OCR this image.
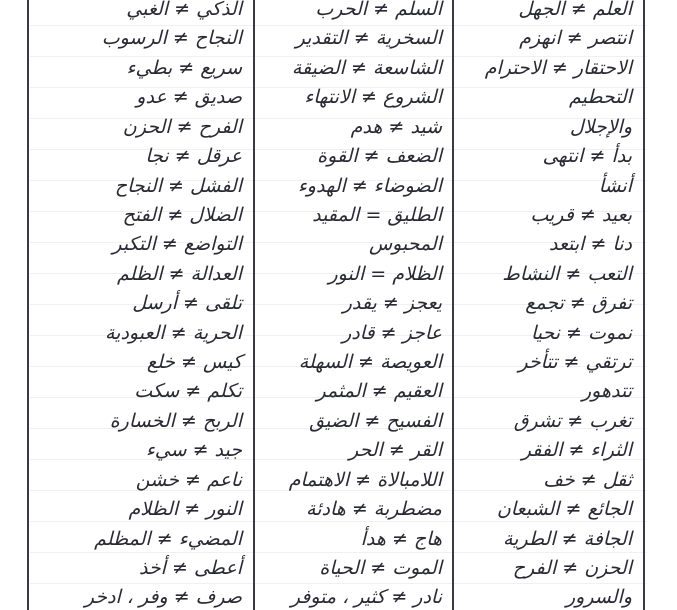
العلم ≠ الجهل
انتصر ≠ انهزم
الاحتقار ≠ الاحترام
التحطيم
والإجلال
بدأ ≠ انتهى
أنشأ
بعيد ≠ قريب
دنا ≠ ابتعد
التعب ≠ النشاط
تفرق ≠ تجمع
نموت ≠ نحيا
ترتقي ≠ تتأخر
تتدهور
تغرب ≠ تشرق
الثراء ≠ الفقر
ثقل ≠ خف
الجائع ≠ الشبعان
الجافة ≠ الطرية
الحزن ≠ الفرح
والسرور
السلم ≠ الحرب
السخرية ≠ التقدير
الشاسعة ≠ الضيقة
الشروع ≠ الانتهاء
شيد ≠ هدم
الضعف ≠ القوة
الضوضاء ≠ الهدوء
الطليق = المقيد
المحبوس
الظلام = النور
يعجز ≠ يقدر
عاجز ≠ قادر
العويصة ≠ السهلة
العقيم ≠ المثمر
الفسيح ≠ الضيق
القر ≠ الحر
اللامبالاة ≠ الاهتمام
مضطربة ≠ هادئة
هاج ≠ هدأ
الموت ≠ الحياة
نادر ≠ كثير ، متوفر
الذكي ≠ الغبي
النجاح ≠ الرسوب
سريع ≠ بطيء
صديق ≠ عدو
الفرح ≠ الحزن
عرقل ≠ نجا
الفشل ≠ النجاح
الضلال ≠ الفتح
التواضع ≠ التكبر
العدالة ≠ الظلم
تلقى ≠ أرسل
الحرية ≠ العبودية
كيس ≠ خلع
تكلم ≠ سكت
الربح ≠ الخسارة
جيد ≠ سيء
ناعم ≠ خشن
النور ≠ الظلام
المضيء ≠ المظلم
أعطى ≠ أخذ
صرف ≠ وفر ، ادخر
